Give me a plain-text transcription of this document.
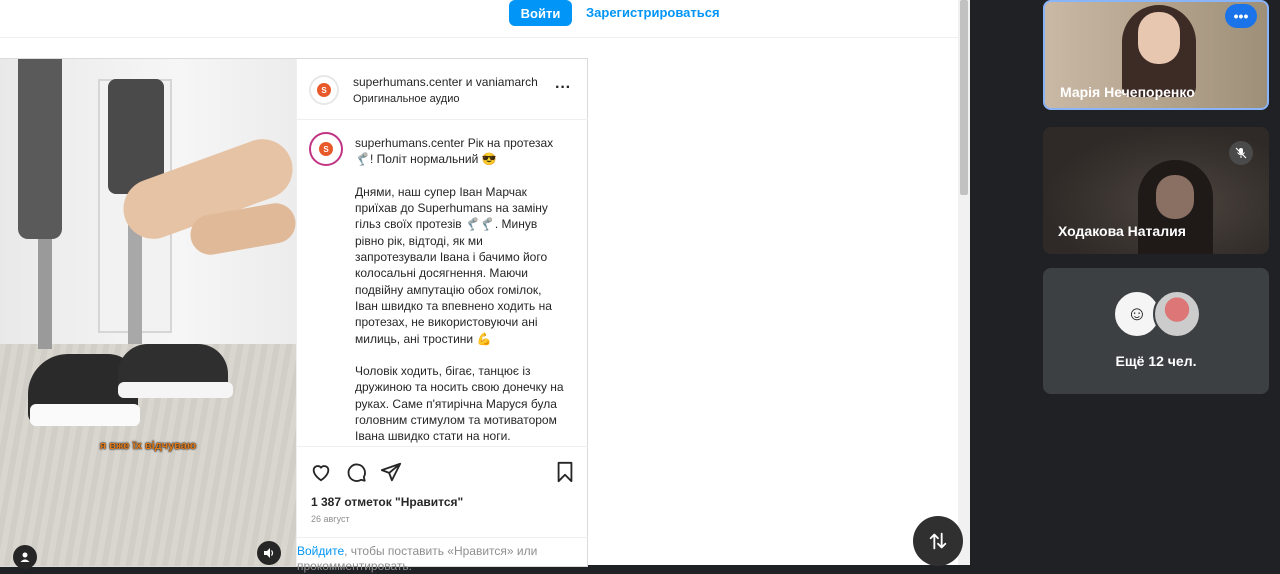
Войти	Зарегистрироваться
я вже їх відчуваю
S
superhumans.center и vaniamarch
Оригинальное аудио
···
S	superhumans.center Рік на протезах
🦿! Політ нормальний 😎

Днями, наш супер Іван Марчак приїхав до Superhumans на заміну гільз своїх протезів 🦿🦿. Минув рівно рік, відтоді, як ми запротезували Івана і бачимо його колосальні досягнення. Маючи подвійну ампутацію обох гомілок, Іван швидко та впевнено ходить на протезах, не використовуючи ані милиць, ані тростини 💪

Чоловік ходить, бігає, танцює із дружиною та носить свою донечку на руках. Саме п'ятирічна Маруся була головним стимулом та мотиватором Івана швидко стати на ноги.
1 387 отметок "Нравится"
26 август
Войдите, чтобы поставить «Нравится» или прокомментировать.
•••
Марія Нечепоренко
Ходакова Наталия
☺
Ещё 12 чел.
